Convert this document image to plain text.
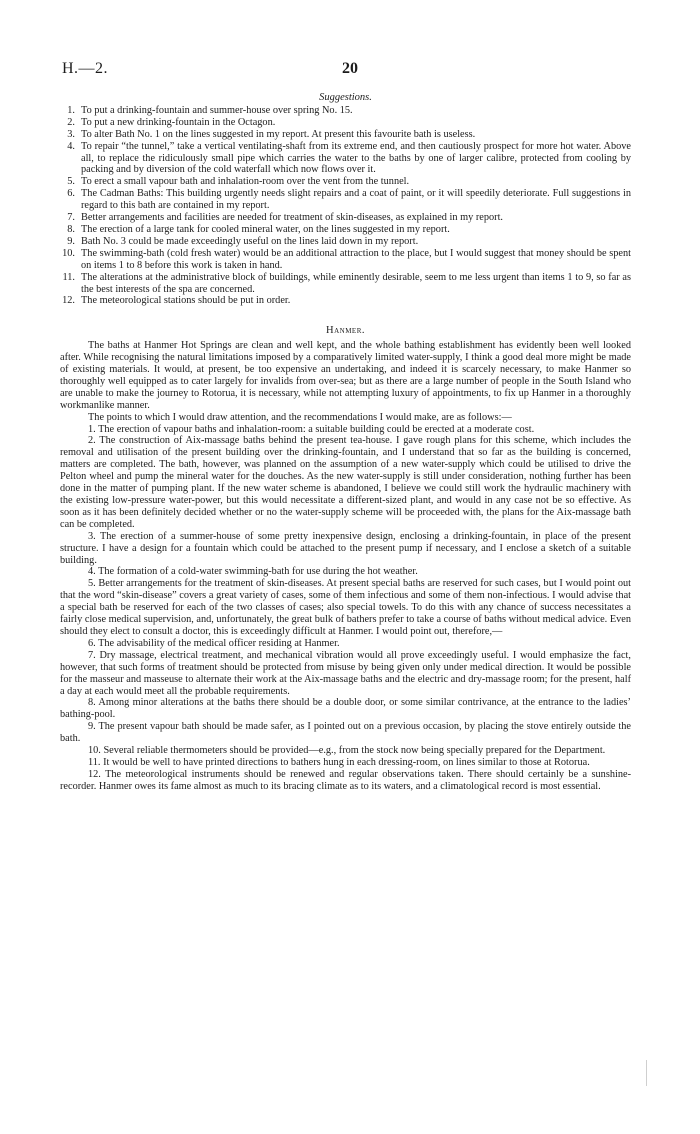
H.—2.	20
Suggestions.
1. To put a drinking-fountain and summer-house over spring No. 15.
2. To put a new drinking-fountain in the Octagon.
3. To alter Bath No. 1 on the lines suggested in my report. At present this favourite bath is useless.
4. To repair “the tunnel,” take a vertical ventilating-shaft from its extreme end, and then cautiously prospect for more hot water. Above all, to replace the ridiculously small pipe which carries the water to the baths by one of larger calibre, protected from cooling by packing and by diversion of the cold waterfall which now flows over it.
5. To erect a small vapour bath and inhalation-room over the vent from the tunnel.
6. The Cadman Baths: This building urgently needs slight repairs and a coat of paint, or it will speedily deteriorate. Full suggestions in regard to this bath are contained in my report.
7. Better arrangements and facilities are needed for treatment of skin-diseases, as explained in my report.
8. The erection of a large tank for cooled mineral water, on the lines suggested in my report.
9. Bath No. 3 could be made exceedingly useful on the lines laid down in my report.
10. The swimming-bath (cold fresh water) would be an additional attraction to the place, but I would suggest that money should be spent on items 1 to 8 before this work is taken in hand.
11. The alterations at the administrative block of buildings, while eminently desirable, seem to me less urgent than items 1 to 9, so far as the best interests of the spa are concerned.
12. The meteorological stations should be put in order.
Hanmer.

The baths at Hanmer Hot Springs are clean and well kept, and the whole bathing establishment has evidently been well looked after. While recognising the natural limitations imposed by a comparatively limited water-supply, I think a good deal more might be made of existing materials. It would, at present, be too expensive an undertaking, and indeed it is scarcely necessary, to make Hanmer so thoroughly well equipped as to cater largely for invalids from over-sea; but as there are a large number of people in the South Island who are unable to make the journey to Rotorua, it is necessary, while not attempting luxury of appointments, to fix up Hanmer in a thoroughly workmanlike manner.

The points to which I would draw attention, and the recommendations I would make, are as follows:—

1. The erection of vapour baths and inhalation-room: a suitable building could be erected at a moderate cost.

2. The construction of Aix-massage baths behind the present tea-house. I gave rough plans for this scheme, which includes the removal and utilisation of the present building over the drinking-fountain, and I understand that so far as the building is concerned, matters are completed. The bath, however, was planned on the assumption of a new water-supply which could be utilised to drive the Pelton wheel and pump the mineral water for the douches. As the new water-supply is still under consideration, nothing further has been done in the matter of pumping plant. If the new water scheme is abandoned, I believe we could still work the hydraulic machinery with the existing low-pressure water-power, but this would necessitate a different-sized plant, and would in any case not be so effective. As soon as it has been definitely decided whether or no the water-supply scheme will be proceeded with, the plans for the Aix-massage bath can be completed.

3. The erection of a summer-house of some pretty inexpensive design, enclosing a drinking-fountain, in place of the present structure. I have a design for a fountain which could be attached to the present pump if necessary, and I enclose a sketch of a suitable building.

4. The formation of a cold-water swimming-bath for use during the hot weather.

5. Better arrangements for the treatment of skin-diseases. At present special baths are reserved for such cases, but I would point out that the word “skin-disease” covers a great variety of cases, some of them infectious and some of them non-infectious. I would advise that a special bath be reserved for each of the two classes of cases; also special towels. To do this with any chance of success necessitates a fairly close medical supervision, and, unfortunately, the great bulk of bathers prefer to take a course of baths without medical advice. Even should they elect to consult a doctor, this is exceedingly difficult at Hanmer. I would point out, therefore,—

6. The advisability of the medical officer residing at Hanmer.

7. Dry massage, electrical treatment, and mechanical vibration would all prove exceedingly useful. I would emphasize the fact, however, that such forms of treatment should be protected from misuse by being given only under medical direction. It would be possible for the masseur and masseuse to alternate their work at the Aix-massage baths and the electric and dry-massage room; for the present, half a day at each would meet all the probable requirements.

8. Among minor alterations at the baths there should be a double door, or some similar contrivance, at the entrance to the ladies’ bathing-pool.

9. The present vapour bath should be made safer, as I pointed out on a previous occasion, by placing the stove entirely outside the bath.

10. Several reliable thermometers should be provided—e.g., from the stock now being specially prepared for the Department.

11. It would be well to have printed directions to bathers hung in each dressing-room, on lines similar to those at Rotorua.

12. The meteorological instruments should be renewed and regular observations taken. There should certainly be a sunshine-recorder. Hanmer owes its fame almost as much to its bracing climate as to its waters, and a climatological record is most essential.
